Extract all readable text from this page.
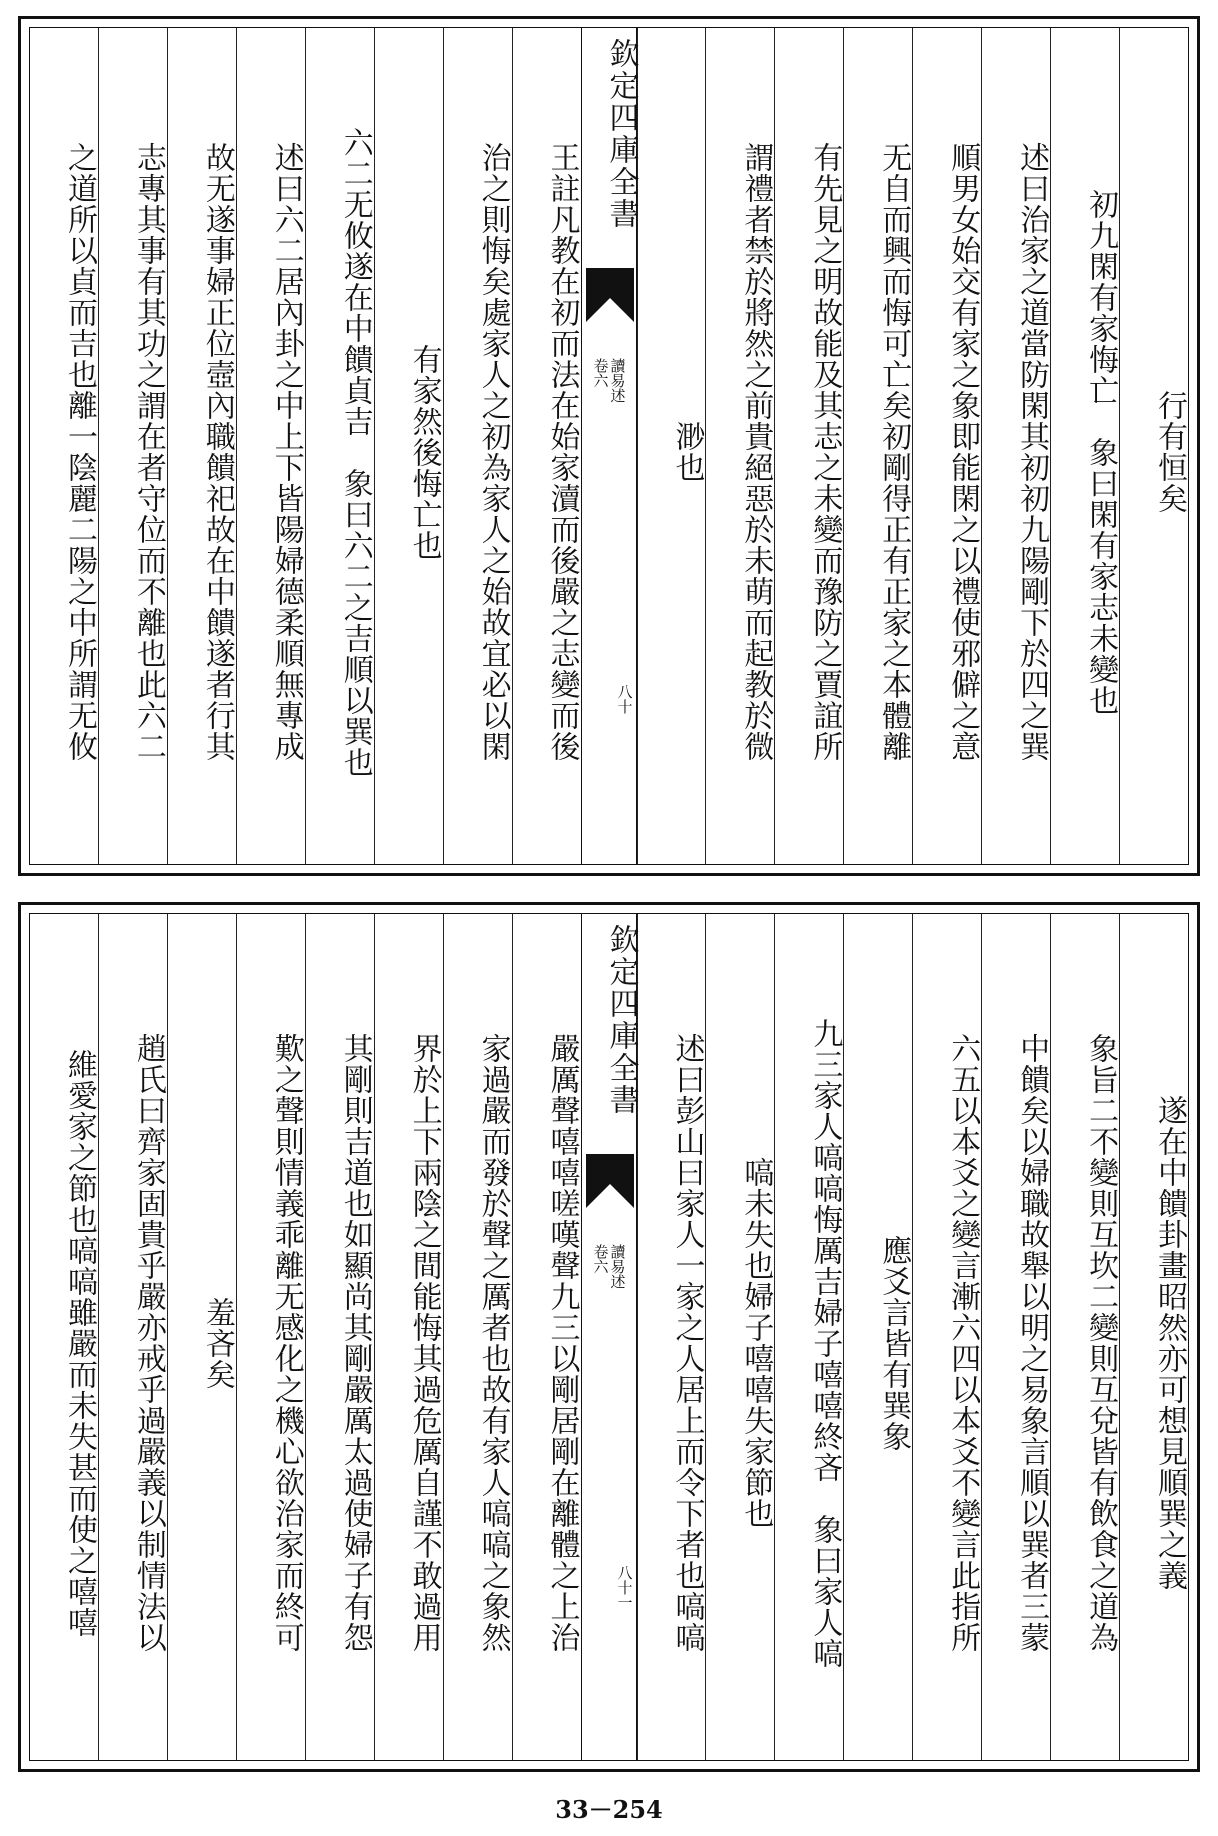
行有恒矣
初九閑有家悔亡　象曰閑有家志未變也
述曰治家之道當防閑其初初九陽剛下於四之巽
順男女始交有家之象即能閑之以禮使邪僻之意
无自而興而悔可亡矣初剛得正有正家之本體離
有先見之明故能及其志之未變而豫防之賈誼所
謂禮者禁於將然之前貴絕惡於未萌而起教於微
渺也
欽定四庫全書
讀易述
卷六
八十
王註凡教在初而法在始家瀆而後嚴之志變而後
治之則悔矣處家人之初為家人之始故宜必以閑
有家然後悔亡也
六二无攸遂在中饋貞吉　象曰六二之吉順以巽也
述曰六二居內卦之中上下皆陽婦德柔順無專成
故无遂事婦正位壼內職饋祀故在中饋遂者行其
志專其事有其功之謂在者守位而不離也此六二
之道所以貞而吉也離一陰麗二陽之中所謂无攸
遂在中饋卦畫昭然亦可想見順巽之義
象旨二不變則互坎二變則互兌皆有飲食之道為
中饋矣以婦職故舉以明之易象言順以巽者三蒙
六五以本爻之變言漸六四以本爻不變言此指所
應爻言皆有巽象
九三家人嗃嗃悔厲吉婦子嘻嘻終吝　象曰家人嗃
嗃未失也婦子嘻嘻失家節也
述曰彭山曰家人一家之人居上而令下者也嗃嗃
欽定四庫全書
讀易述
卷六
八十一
嚴厲聲嘻嘻嗟嘆聲九三以剛居剛在離體之上治
家過嚴而發於聲之厲者也故有家人嗃嗃之象然
界於上下兩陰之間能悔其過危厲自謹不敢過用
其剛則吉道也如顯尚其剛嚴厲太過使婦子有怨
歎之聲則情義乖離无感化之機心欲治家而終可
羞吝矣
趙氏曰齊家固貴乎嚴亦戒乎過嚴義以制情法以
維愛家之節也嗃嗃雖嚴而未失甚而使之嘻嘻
33－254
